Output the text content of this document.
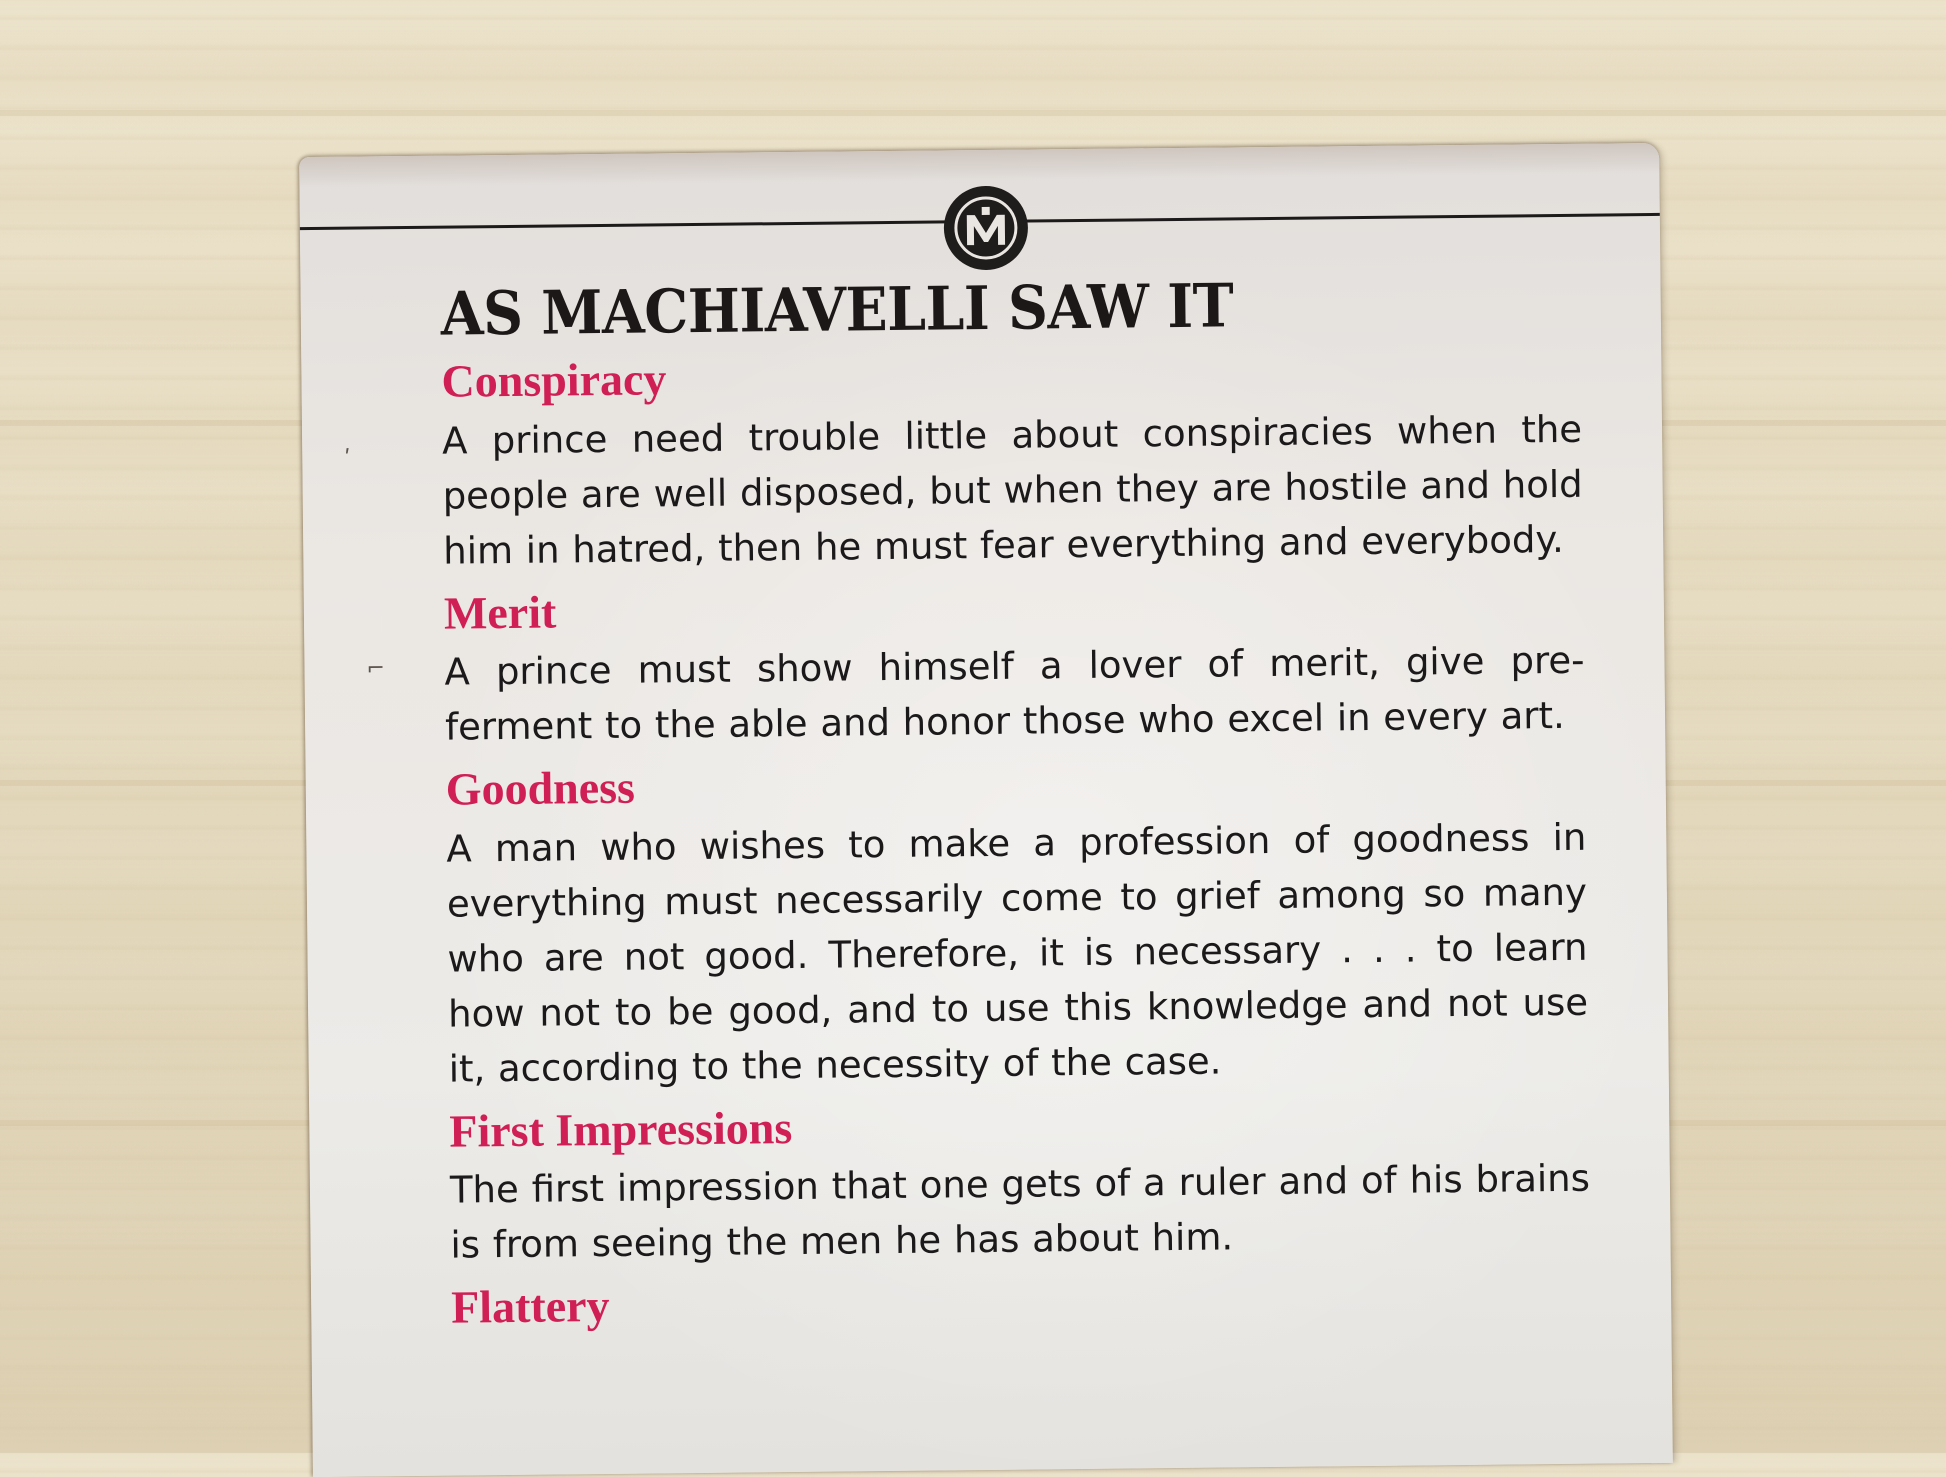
AS MACHIAVELLI SAW IT
Conspiracy

A prince need trouble little about conspiracies when the people are well disposed, but when they are hostile and hold him in hatred, then he must fear everything and everybody.

Merit

A prince must show himself a lover of merit, give pre-ferment to the able and honor those who excel in every art.

Goodness

A man who wishes to make a profession of goodness in everything must necessarily come to grief among so many who are not good. Therefore, it is necessary . . . to learn how not to be good, and to use this knowledge and not use it, according to the necessity of the case.

First Impressions

The first impression that one gets of a ruler and of his brains is from seeing the men he has about him.

Flattery
ʹ
⌐
